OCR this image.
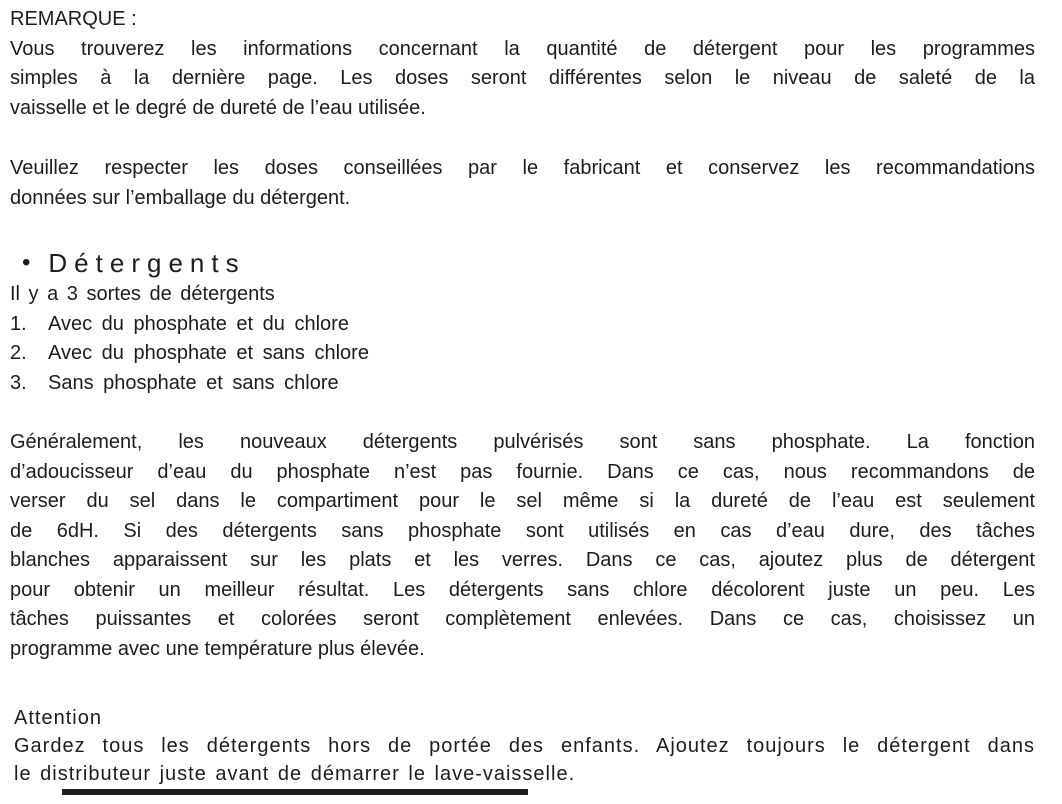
REMARQUE :
Vous trouverez les informations concernant la quantité de détergent pour les programmes
simples à la dernière page. Les doses seront différentes selon le niveau de saleté de la
vaisselle et le degré de dureté de l’eau utilisée.
Veuillez respecter les doses conseillées par le fabricant et conservez les recommandations
données sur l’emballage du détergent.
• Détergents
Il y a 3 sortes de détergents
1.	Avec du phosphate et du chlore
2.	Avec du phosphate et sans chlore
3.	Sans phosphate et sans chlore
Généralement, les nouveaux détergents pulvérisés sont sans phosphate. La fonction
d’adoucisseur d’eau du phosphate n’est pas fournie. Dans ce cas, nous recommandons de
verser du sel dans le compartiment pour le sel même si la dureté de l’eau est seulement
de 6dH. Si des détergents sans phosphate sont utilisés en cas d’eau dure, des tâches
blanches apparaissent sur les plats et les verres. Dans ce cas, ajoutez plus de détergent
pour obtenir un meilleur résultat. Les détergents sans chlore décolorent juste un peu. Les
tâches puissantes et colorées seront complètement enlevées. Dans ce cas, choisissez un
programme avec une température plus élevée.
Attention
Gardez tous les détergents hors de portée des enfants. Ajoutez toujours le détergent dans
le distributeur juste avant de démarrer le lave-vaisselle.
